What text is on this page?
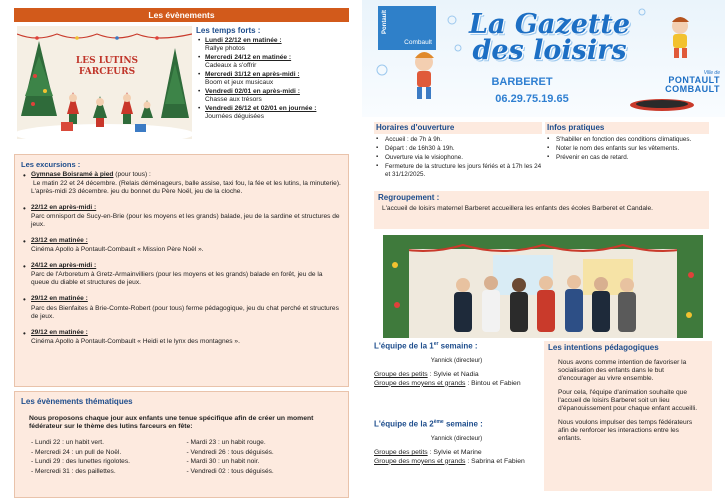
Les évènements
LES LUTINS FARCEURS
Les temps forts :
• Lundi 22/12 en matinée :
Rallye photos
• Mercredi 24/12 en matinée :
Cadeaux à s'offrir
• Mercredi 31/12 en après-midi :
Boom et jeux musicaux
• Vendredi 02/01 en après-midi :
Chasse aux trésors
• Vendredi 26/12 et 02/01 en journée :
Journées déguisées
Les excursions :
• Gymnase Boisramé à pied (pour tous) :
Le matin 22 et 24 décembre. (Relais déménageurs, balle assise, taxi fou, la fée et les lutins, la minuterie).
L'après-midi 23 décembre. jeu du bonnet du Père Noël, jeu de la cloche.
• 22/12 en après-midi :
Parc omnisport de Sucy-en-Brie (pour les moyens et les grands) balade, jeu de la sardine et structures de jeux.
• 23/12 en matinée :
Cinéma Apollo à Pontault-Combault « Mission Père Noël ».
• 24/12 en après-midi :
Parc de l'Arboretum à Gretz-Armainvilliers (pour les moyens et les grands) balade en forêt, jeu de la queue du diable et structures de jeux.
• 29/12 en matinée :
Parc des Bienfaites à Brie-Comte-Robert (pour tous) ferme pédagogique, jeu du chat perché et structures de jeux.
• 29/12 en matinée :
Cinéma Apollo à Pontault-Combault « Heidi et le lynx des montagnes ».
Les évènements thématiques
Nous proposons chaque jour aux enfants une tenue spécifique afin de créer un moment fédérateur sur le thème des lutins farceurs en fête:
- Lundi 22 : un habit vert.
- Mercredi 24 : un pull de Noël.
- Lundi 29 : des lunettes rigolotes.
- Mercredi 31 : des paillettes.
- Mardi 23 : un habit rouge.
- Vendredi 26 : tous déguisés.
- Mardi 30 : un habit noir.
- Vendredi 02 : tous déguisés.
Pontault
Combault
La Gazette
des loisirs
BARBERET
06.29.75.19.65
Ville de
PONTAULT
COMBAULT
Horaires d'ouverture
▪ Accueil : de 7h à 9h.
▪ Départ : de 16h30 à 19h.
▪ Ouverture via le visiophone.
▪ Fermeture de la structure les jours fériés et à 17h les 24 et 31/12/2025.
Infos pratiques
▪ S'habiller en fonction des conditions climatiques.
▪ Noter le nom des enfants sur les vêtements.
▪ Prévenir en cas de retard.
Regroupement :
L'accueil de loisirs maternel Barberet accueillera les enfants des écoles Barberet et Candale.
L'équipe de la 1er semaine :
Yannick (directeur)
Groupe des petits : Sylvie et Nadia
Groupe des moyens et grands : Bintou et Fabien
L'équipe de la 2ème semaine :
Yannick (directeur)
Groupe des petits : Sylvie et Marine
Groupe des moyens et grands : Sabrina et Fabien
Les intentions pédagogiques

Nous avons comme intention de favoriser la socialisation des enfants dans le but d'encourager au vivre ensemble.

Pour cela, l'équipe d'animation souhaite que l'accueil de loisirs Barberet soit un lieu d'épanouissement pour chaque enfant accueilli.

Nous voulons impulser des temps fédérateurs afin de renforcer les interactions entre les enfants.
